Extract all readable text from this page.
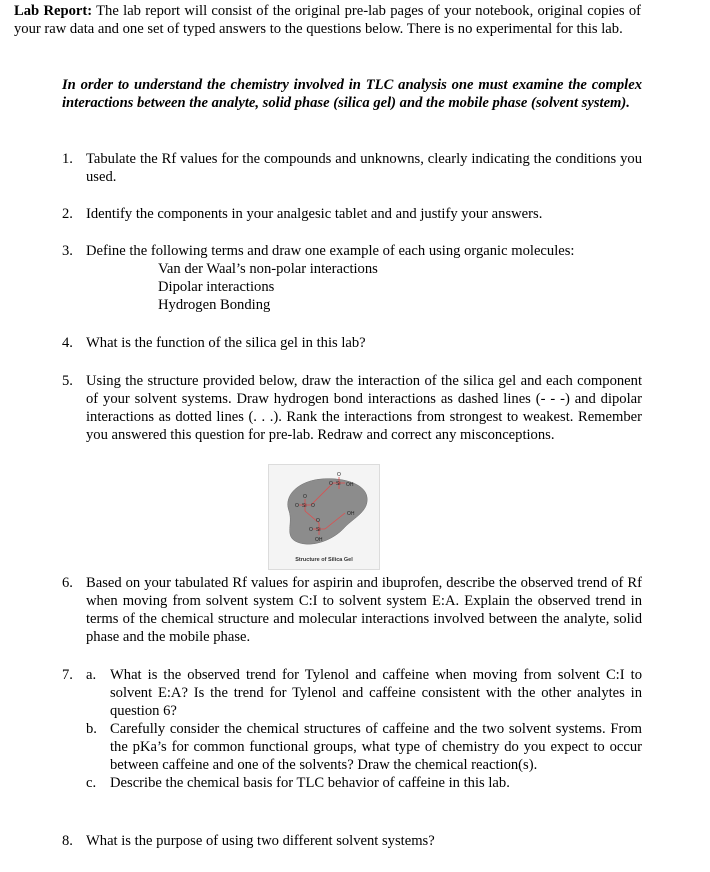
Lab Report: The lab report will consist of the original pre-lab pages of your notebook, original copies of your raw data and one set of typed answers to the questions below. There is no experimental for this lab.
In order to understand the chemistry involved in TLC analysis one must examine the complex interactions between the analyte, solid phase (silica gel) and the mobile phase (solvent system).
1. Tabulate the Rf values for the compounds and unknowns, clearly indicating the conditions you used.
2. Identify the components in your analgesic tablet and and justify your answers.
3. Define the following terms and draw one example of each using organic molecules:
Van der Waal’s non-polar interactions
Dipolar interactions
Hydrogen Bonding
4. What is the function of the silica gel in this lab?
5. Using the structure provided below, draw the interaction of the silica gel and each component of your solvent systems. Draw hydrogen bond interactions as dashed lines (- - -) and dipolar interactions as dotted lines (. . .). Rank the interactions from strongest to weakest. Remember you answered this question for pre-lab. Redraw and correct any misconceptions.
O
O Si O
O
Si
O	OH
O
Si
O
OH
OH
Structure of Silica Gel
6. Based on your tabulated Rf values for aspirin and ibuprofen, describe the observed trend of Rf when moving from solvent system C:I to solvent system E:A. Explain the observed trend in terms of the chemical structure and molecular interactions involved between the analyte, solid phase and the mobile phase.
7. a. What is the observed trend for Tylenol and caffeine when moving from solvent C:I to solvent E:A? Is the trend for Tylenol and caffeine consistent with the other analytes in question 6?
b. Carefully consider the chemical structures of caffeine and the two solvent systems. From the pKa’s for common functional groups, what type of chemistry do you expect to occur between caffeine and one of the solvents? Draw the chemical reaction(s).
c. Describe the chemical basis for TLC behavior of caffeine in this lab.
8. What is the purpose of using two different solvent systems?
